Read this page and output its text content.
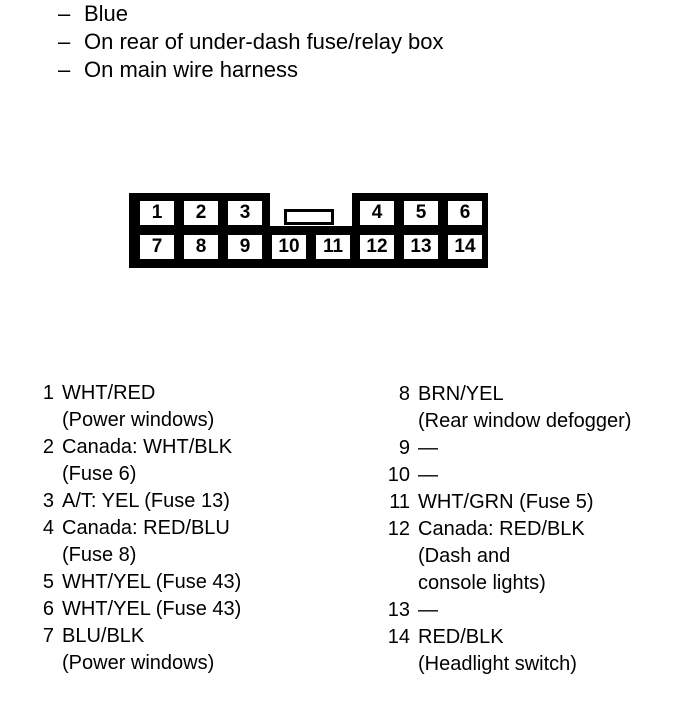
– Blue
– On rear of under-dash fuse/relay box
– On main wire harness
1	2	3	4	5	6
7	8	9	10	11	12	13	14
1 WHT/RED
(Power windows)
2 Canada: WHT/BLK
(Fuse 6)
3 A/T: YEL (Fuse 13)
4 Canada: RED/BLU
(Fuse 8)
5 WHT/YEL (Fuse 43)
6 WHT/YEL (Fuse 43)
7 BLU/BLK
(Power windows)
8 BRN/YEL
(Rear window defogger)
9 —
10 —
11 WHT/GRN (Fuse 5)
12 Canada: RED/BLK
(Dash and
console lights)
13 —
14 RED/BLK
(Headlight switch)
